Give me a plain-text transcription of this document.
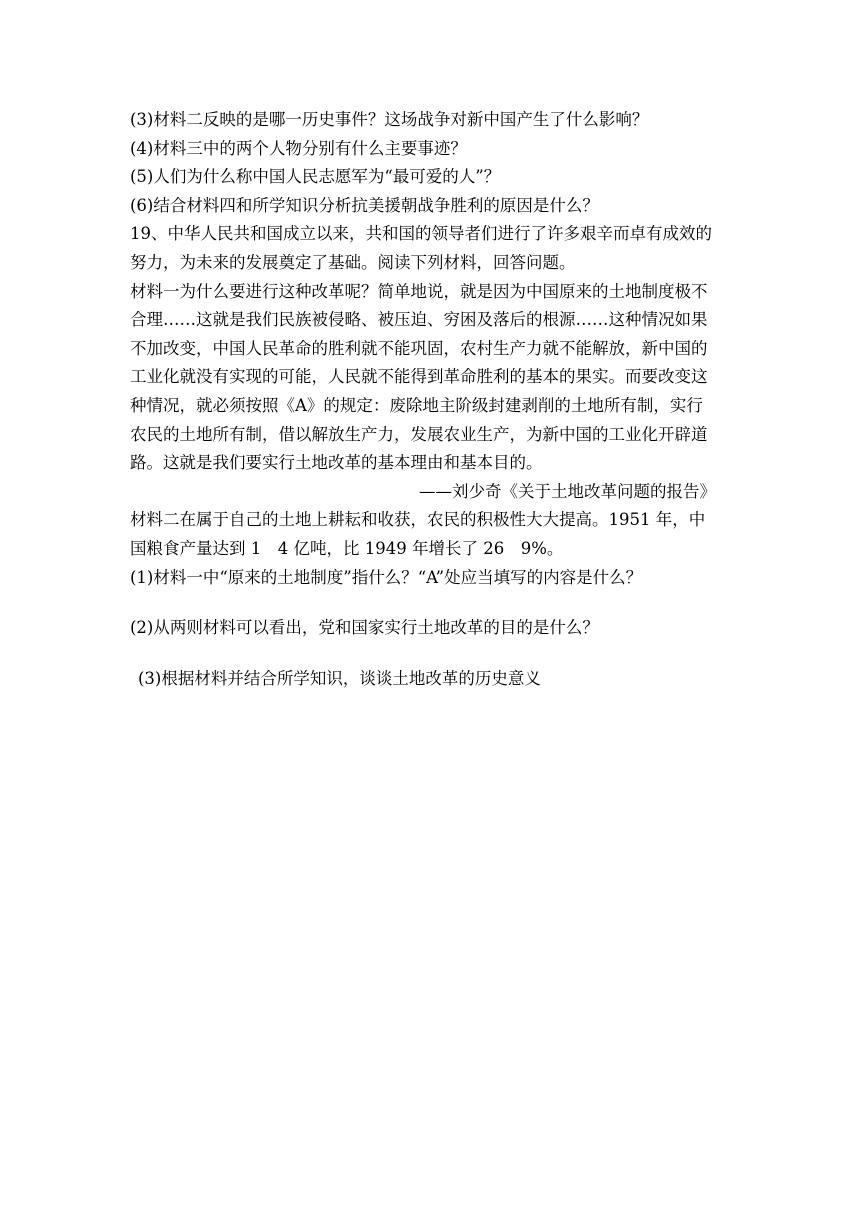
(3)材料二反映的是哪一历史事件？这场战争对新中国产生了什么影响？
(4)材料三中的两个人物分别有什么主要事迹？
(5)人们为什么称中国人民志愿军为“最可爱的人”？
(6)结合材料四和所学知识分析抗美援朝战争胜利的原因是什么？
19、中华人民共和国成立以来，共和国的领导者们进行了许多艰辛而卓有成效的
努力，为未来的发展奠定了基础。阅读下列材料，回答问题。
材料一为什么要进行这种改革呢？简单地说，就是因为中国原来的土地制度极不
合理……这就是我们民族被侵略、被压迫、穷困及落后的根源……这种情况如果
不加改变，中国人民革命的胜利就不能巩固，农村生产力就不能解放，新中国的
工业化就没有实现的可能，人民就不能得到革命胜利的基本的果实。而要改变这
种情况，就必须按照《A》的规定：废除地主阶级封建剥削的土地所有制，实行
农民的土地所有制，借以解放生产力，发展农业生产，为新中国的工业化开辟道
路。这就是我们要实行土地改革的基本理由和基本目的。
——刘少奇《关于土地改革问题的报告》
材料二在属于自己的土地上耕耘和收获，农民的积极性大大提高。1951 年，中
国粮食产量达到 1　4 亿吨，比 1949 年增长了 26　9%。
(1)材料一中“原来的土地制度”指什么？“A”处应当填写的内容是什么？
(2)从两则材料可以看出，党和国家实行土地改革的目的是什么？
(3)根据材料并结合所学知识，谈谈土地改革的历史意义
